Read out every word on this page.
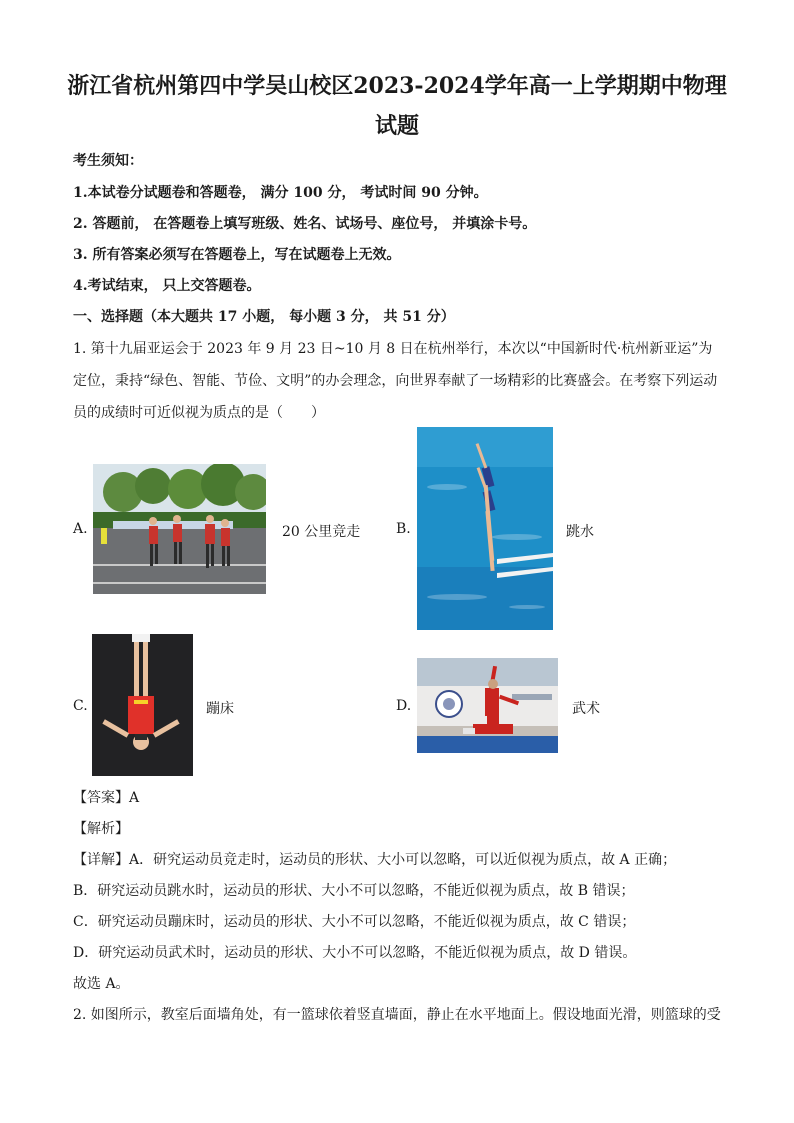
浙江省杭州第四中学吴山校区2023-2024学年高一上学期期中物理试题
考生须知：
1.本试卷分试题卷和答题卷， 满分 100 分， 考试时间 90 分钟。
2. 答题前， 在答题卷上填写班级、姓名、试场号、座位号， 并填涂卡号。
3. 所有答案必须写在答题卷上，写在试题卷上无效。
4.考试结束， 只上交答题卷。
一、选择题（本大题共 17 小题， 每小题 3 分， 共 51 分）
1. 第十九届亚运会于 2023 年 9 月 23 日~10 月 8 日在杭州举行，本次以“中国新时代·杭州新亚运”为定位，秉持“绿色、智能、节俭、文明”的办会理念，向世界奉献了一场精彩的比赛盛会。在考察下列运动员的成绩时可近似视为质点的是（　　）
A.	20 公里竞走	B.	跳水
C.	蹦床	D.	武术
【答案】A
【解析】
【详解】A．研究运动员竞走时，运动员的形状、大小可以忽略，可以近似视为质点，故 A 正确；
B．研究运动员跳水时，运动员的形状、大小不可以忽略，不能近似视为质点，故 B 错误；
C．研究运动员蹦床时，运动员的形状、大小不可以忽略，不能近似视为质点，故 C 错误；
D．研究运动员武术时，运动员的形状、大小不可以忽略，不能近似视为质点，故 D 错误。
故选 A。
2. 如图所示，教室后面墙角处，有一篮球依着竖直墙面，静止在水平地面上。假设地面光滑，则篮球的受
